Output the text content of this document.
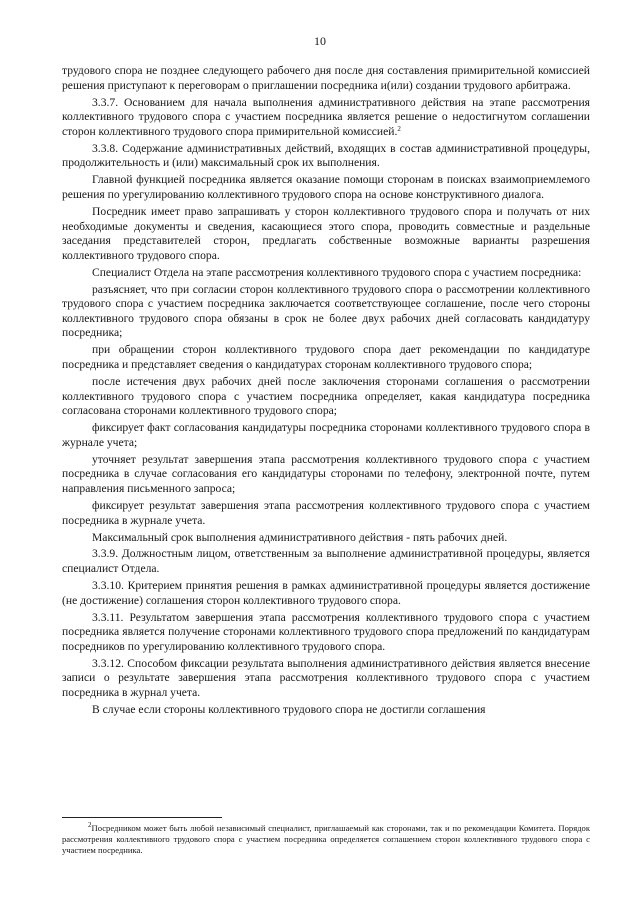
10

трудового спора не позднее следующего рабочего дня после дня составления примирительной комиссией решения приступают к переговорам о приглашении посредника и(или) создании трудового арбитража.

3.3.7. Основанием для начала выполнения административного действия на этапе рассмотрения коллективного трудового спора с участием посредника является решение о недостигнутом соглашении сторон коллективного трудового спора примирительной комиссией.$^2$

3.3.8. Содержание административных действий, входящих в состав административной процедуры, продолжительность и (или) максимальный срок их выполнения.

Главной функцией посредника является оказание помощи сторонам в поисках взаимоприемлемого решения по урегулированию коллективного трудового спора на основе конструктивного диалога.

Посредник имеет право запрашивать у сторон коллективного трудового спора и получать от них необходимые документы и сведения, касающиеся этого спора, проводить совместные и раздельные заседания представителей сторон, предлагать собственные возможные варианты разрешения коллективного трудового спора.

Специалист Отдела на этапе рассмотрения коллективного трудового спора с участием посредника:

разъясняет, что при согласии сторон коллективного трудового спора о рассмотрении коллективного трудового спора с участием посредника заключается соответствующее соглашение, после чего стороны коллективного трудового спора обязаны в срок не более двух рабочих дней согласовать кандидатуру посредника;

при обращении сторон коллективного трудового спора дает рекомендации по кандидатуре посредника и представляет сведения о кандидатурах сторонам коллективного трудового спора;

после истечения двух рабочих дней после заключения сторонами соглашения о рассмотрении коллективного трудового спора с участием посредника определяет, какая кандидатура посредника согласована сторонами коллективного трудового спора;

фиксирует факт согласования кандидатуры посредника сторонами коллективного трудового спора в журнале учета;

уточняет результат завершения этапа рассмотрения коллективного трудового спора с участием посредника в случае согласования его кандидатуры сторонами по телефону, электронной почте, путем направления письменного запроса;

фиксирует результат завершения этапа рассмотрения коллективного трудового спора с участием посредника в журнале учета.

Максимальный срок выполнения административного действия - пять рабочих дней.

3.3.9. Должностным лицом, ответственным за выполнение административной процедуры, является специалист Отдела.

3.3.10. Критерием принятия решения в рамках административной процедуры является достижение (не достижение) соглашения сторон коллективного трудового спора.

3.3.11. Результатом завершения этапа рассмотрения коллективного трудового спора с участием посредника является получение сторонами коллективного трудового спора предложений по кандидатурам посредников по урегулированию коллективного трудового спора.

3.3.12. Способом фиксации результата выполнения административного действия является внесение записи о результате завершения этапа рассмотрения коллективного трудового спора с участием посредника в журнал учета.

В случае если стороны коллективного трудового спора не достигли соглашения

$^2$Посредником может быть любой независимый специалист, приглашаемый как сторонами, так и по рекомендации Комитета. Порядок рассмотрения коллективного трудового спора с участием посредника определяется соглашением сторон коллективного трудового спора с участием посредника.
